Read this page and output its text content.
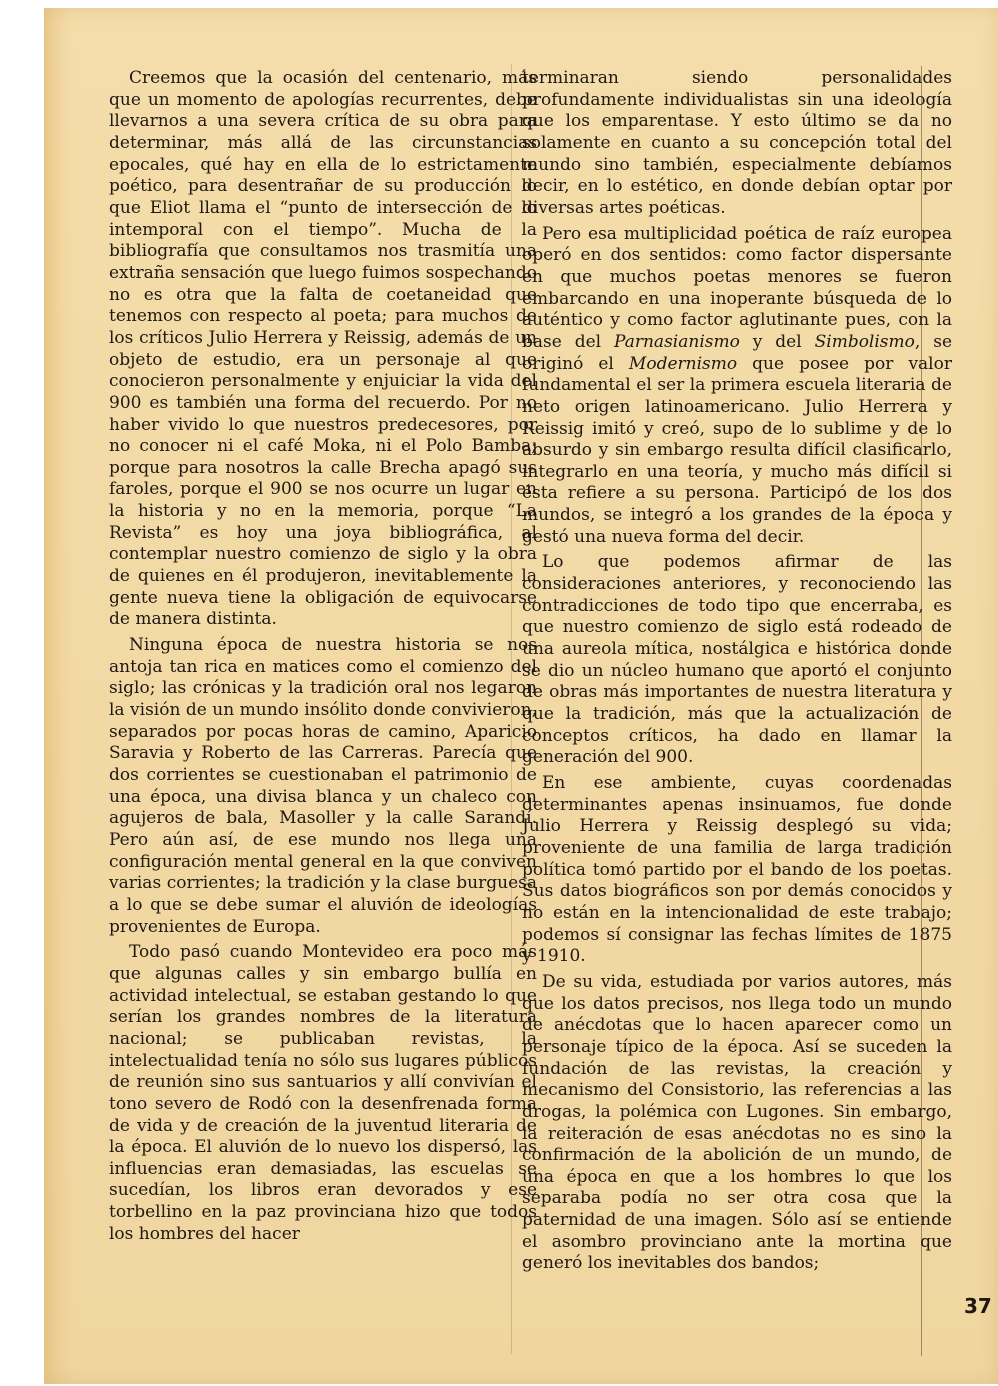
Creemos que la ocasión del centenario, más que un momento de apologías recurrentes, debe llevarnos a una severa crítica de su obra para determinar, más allá de las circunstancias epocales, qué hay en ella de lo estrictamente poético, para desentrañar de su producción lo que Eliot llama el “punto de intersección de lo intemporal con el tiempo”. Mucha de la bibliografía que consultamos nos trasmitía una extraña sensación que luego fuimos sospechando no es otra que la falta de coetaneidad que tenemos con respecto al poeta; para muchos de los críticos Julio Herrera y Reissig, además de un objeto de estudio, era un personaje al que conocieron personalmente y enjuiciar la vida del 900 es también una forma del recuerdo. Por no haber vivido lo que nuestros predecesores, por no conocer ni el café Moka, ni el Polo Bamba; porque para nosotros la calle Brecha apagó sus faroles, porque el 900 se nos ocurre un lugar en la historia y no en la memoria, porque “La Revista” es hoy una joya bibliográfica, al contemplar nuestro comienzo de siglo y la obra de quienes en él produjeron, inevitablemente la gente nueva tiene la obligación de equivocarse de manera distinta.

Ninguna época de nuestra historia se nos antoja tan rica en matices como el comienzo del siglo; las crónicas y la tradición oral nos legaron la visión de un mundo insólito donde convivieron, separados por pocas horas de camino, Aparicio Saravia y Roberto de las Carreras. Parecía que dos corrientes se cuestionaban el patrimonio de una época, una divisa blanca y un chaleco con agujeros de bala, Masoller y la calle Sarandí. Pero aún así, de ese mundo nos llega una configuración mental general en la que conviven varias corrientes; la tradición y la clase burguesa a lo que se debe sumar el aluvión de ideologías provenientes de Europa.

Todo pasó cuando Montevideo era poco más que algunas calles y sin embargo bullía en actividad intelectual, se estaban gestando lo que serían los grandes nombres de la literatura nacional; se publicaban revistas, la intelectualidad tenía no sólo sus lugares públicos de reunión sino sus santuarios y allí convivían el tono severo de Rodó con la desenfrenada forma de vida y de creación de la juventud literaria de la época. El aluvión de lo nuevo los dispersó, las influencias eran demasiadas, las escuelas se sucedían, los libros eran devorados y ese torbellino en la paz provinciana hizo que todos los hombres del hacer

terminaran siendo personalidades profundamente individualistas sin una ideología que los emparentase. Y esto último se da no solamente en cuanto a su concepción total del mundo sino también, especialmente debíamos decir, en lo estético, en donde debían optar por diversas artes poéticas.

Pero esa multiplicidad poética de raíz europea operó en dos sentidos: como factor dispersante en que muchos poetas menores se fueron embarcando en una inoperante búsqueda de lo auténtico y como factor aglutinante pues, con la base del Parnasianismo y del Simbolismo, se originó el Modernismo que posee por valor fundamental el ser la primera escuela literaria de neto origen latinoamericano. Julio Herrera y Reissig imitó y creó, supo de lo sublime y de lo absurdo y sin embargo resulta difícil clasificarlo, integrarlo en una teoría, y mucho más difícil si ésta refiere a su persona. Participó de los dos mundos, se integró a los grandes de la época y gestó una nueva forma del decir.

Lo que podemos afirmar de las consideraciones anteriores, y reconociendo las contradicciones de todo tipo que encerraba, es que nuestro comienzo de siglo está rodeado de una aureola mítica, nostálgica e histórica donde se dio un núcleo humano que aportó el conjunto de obras más importantes de nuestra literatura y que la tradición, más que la actualización de conceptos críticos, ha dado en llamar la generación del 900.

En ese ambiente, cuyas coordenadas determinantes apenas insinuamos, fue donde Julio Herrera y Reissig desplegó su vida; proveniente de una familia de larga tradición política tomó partido por el bando de los poetas. Sus datos biográficos son por demás conocidos y no están en la intencionalidad de este trabajo; podemos sí consignar las fechas límites de 1875 y 1910.

De su vida, estudiada por varios autores, más que los datos precisos, nos llega todo un mundo de anécdotas que lo hacen aparecer como un personaje típico de la época. Así se suceden la fundación de las revistas, la creación y mecanismo del Consistorio, las referencias a las drogas, la polémica con Lugones. Sin embargo, la reiteración de esas anécdotas no es sino la confirmación de la abolición de un mundo, de una época en que a los hombres lo que los separaba podía no ser otra cosa que la paternidad de una imagen. Sólo así se entiende el asombro provinciano ante la mortina que generó los inevitables dos bandos;

37
